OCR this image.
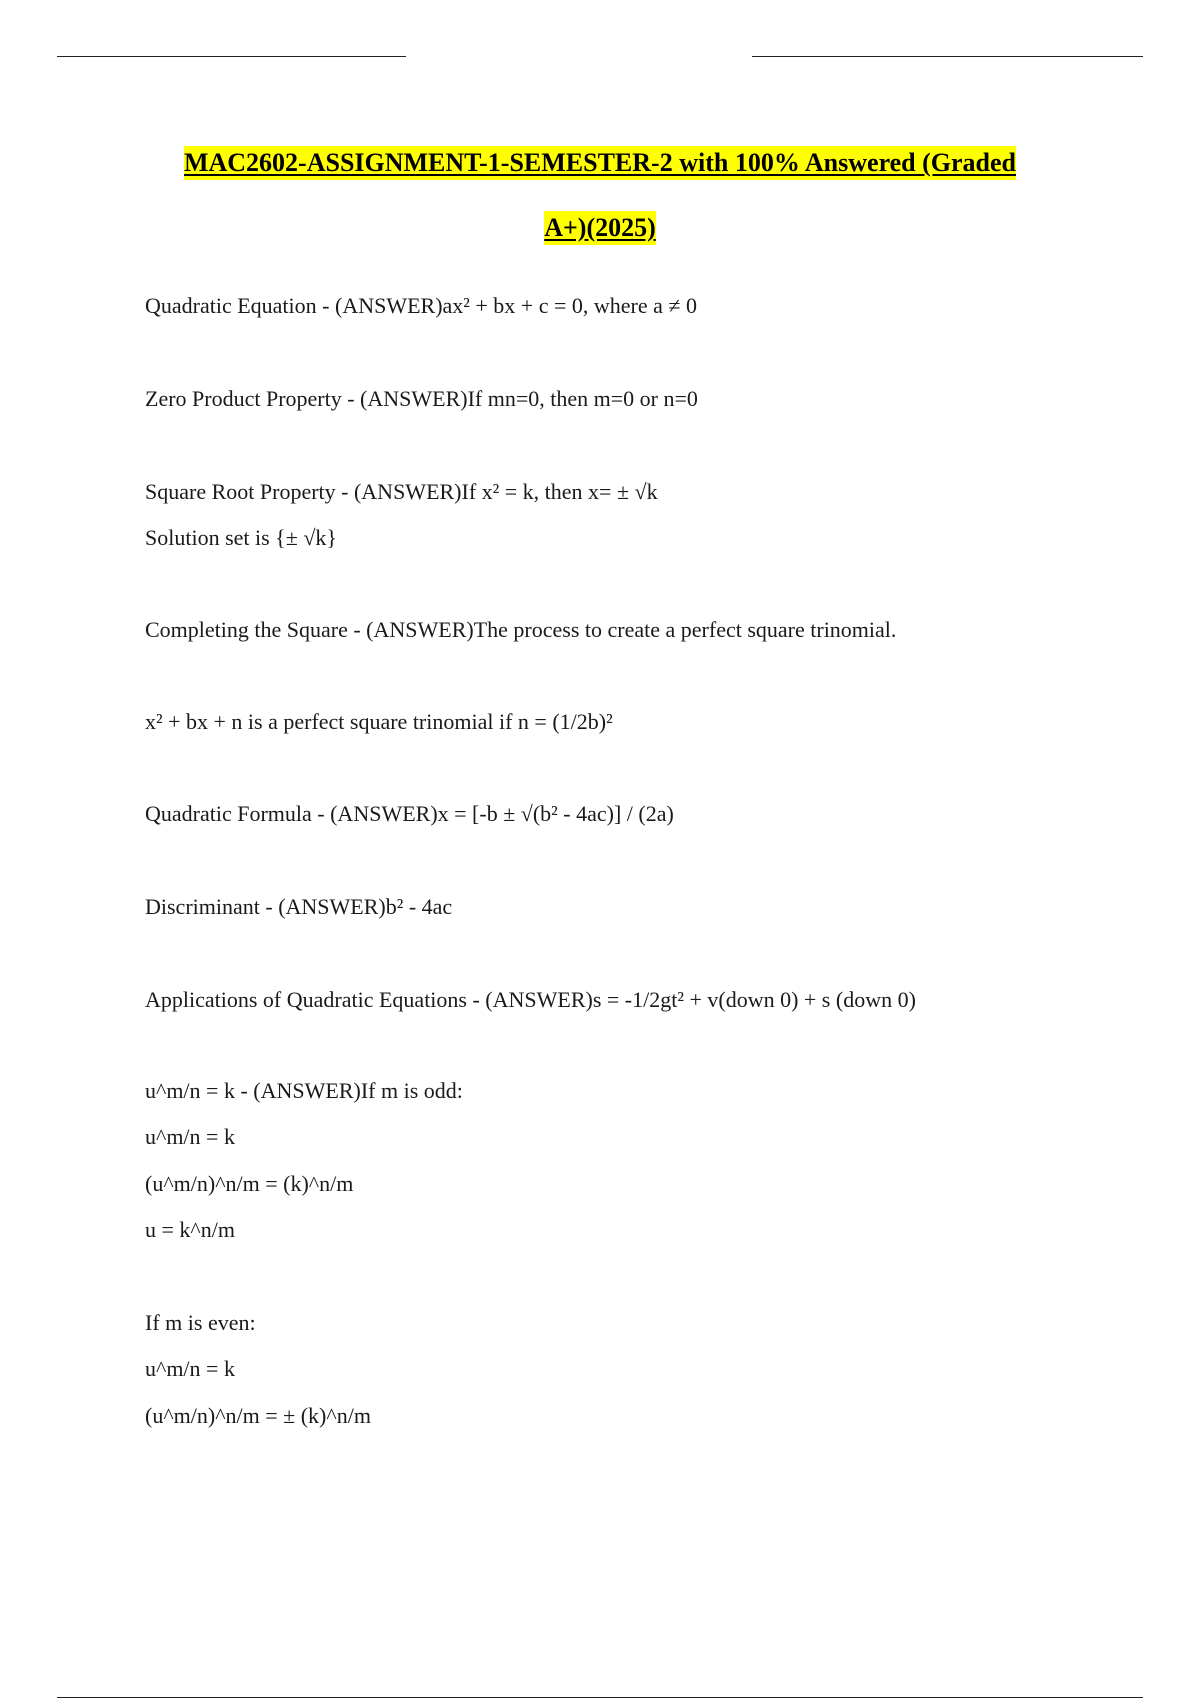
MAC2602-ASSIGNMENT-1-SEMESTER-2 with 100% Answered (Graded
A+)(2025)
Quadratic Equation - (ANSWER)ax² + bx + c = 0, where a ≠ 0
Zero Product Property - (ANSWER)If mn=0, then m=0 or n=0
Square Root Property - (ANSWER)If x² = k, then x= ± √k
Solution set is {± √k}
Completing the Square - (ANSWER)The process to create a perfect square trinomial.
x² + bx + n is a perfect square trinomial if n = (1/2b)²
Quadratic Formula - (ANSWER)x = [-b ± √(b² - 4ac)] / (2a)
Discriminant - (ANSWER)b² - 4ac
Applications of Quadratic Equations - (ANSWER)s = -1/2gt² + v(down 0) + s (down 0)
u^m/n = k - (ANSWER)If m is odd:
u^m/n = k
(u^m/n)^n/m = (k)^n/m
u = k^n/m
If m is even:
u^m/n = k
(u^m/n)^n/m = ± (k)^n/m
